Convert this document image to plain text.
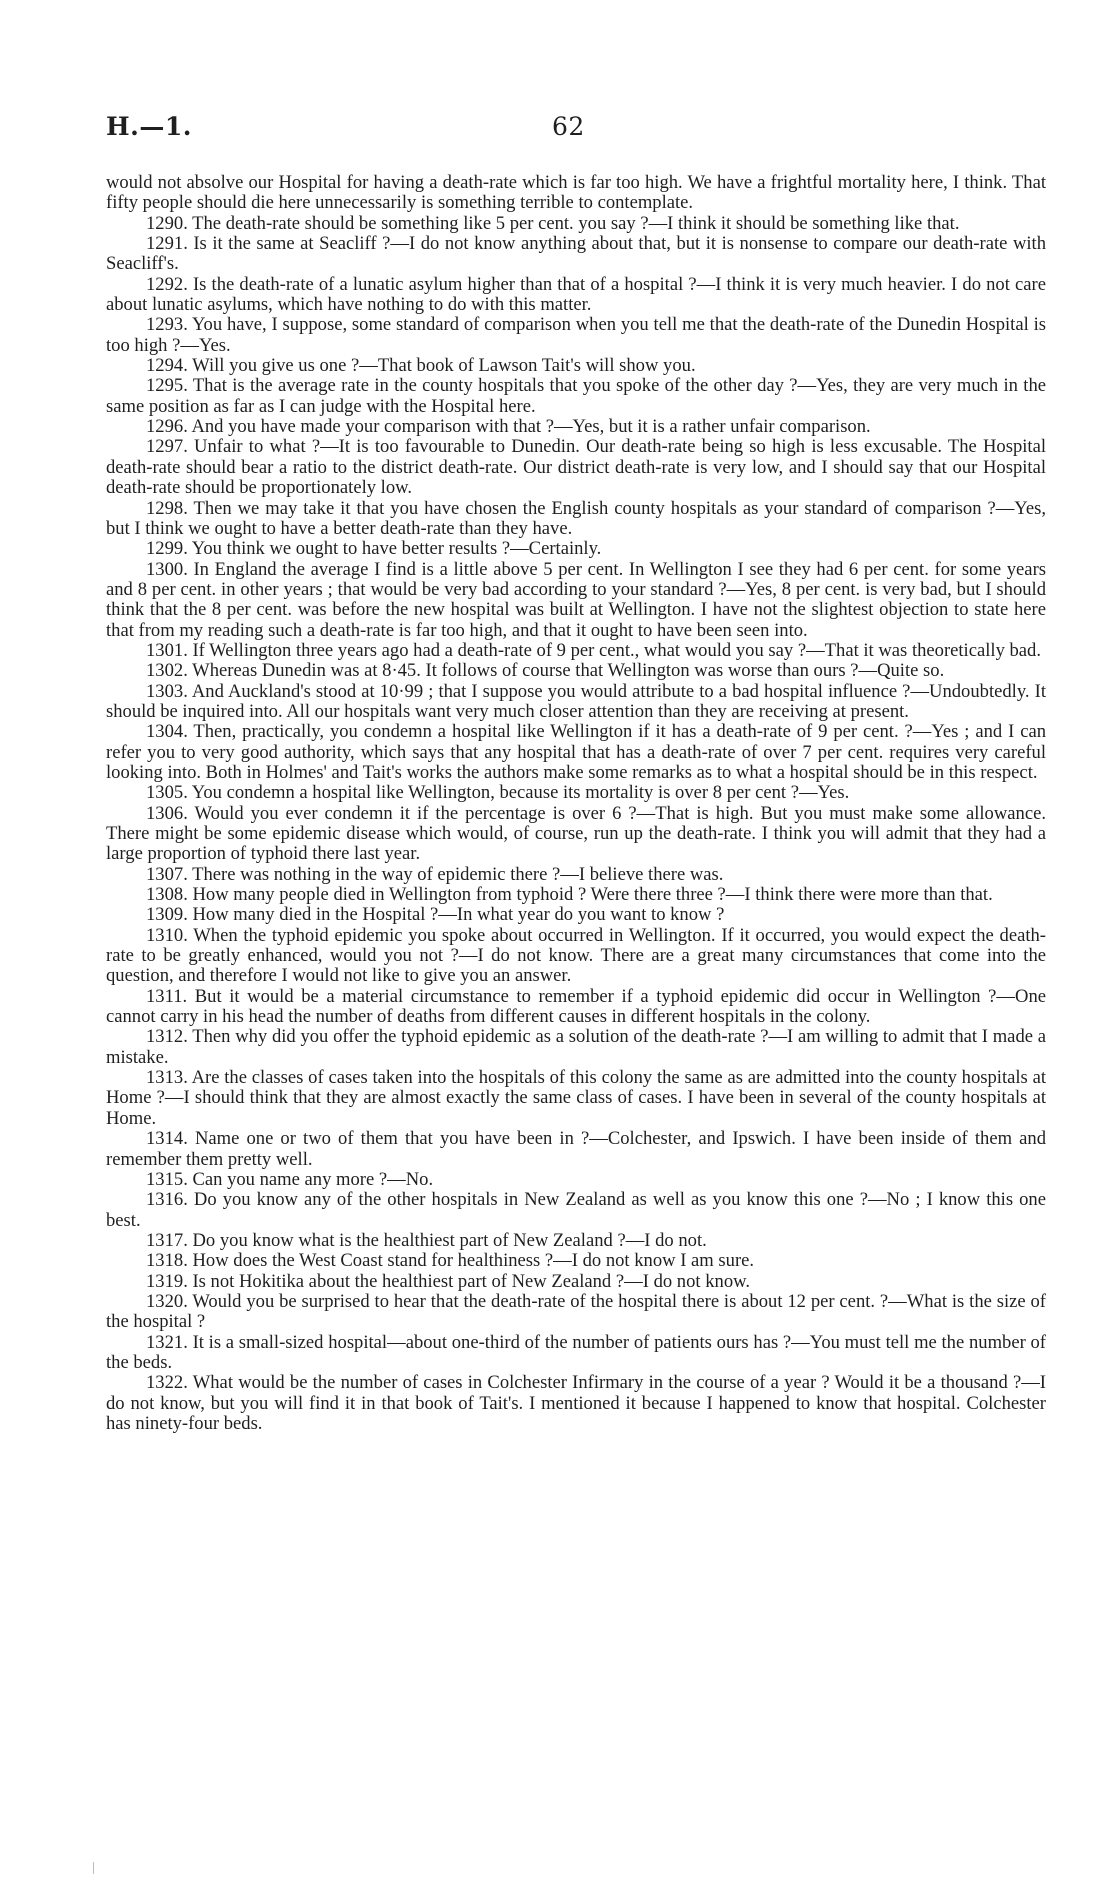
H.—1.	62

would not absolve our Hospital for having a death-rate which is far too high. We have a frightful mortality here, I think. That fifty people should die here unnecessarily is something terrible to contemplate.

1290. The death-rate should be something like 5 per cent. you say ?—I think it should be something like that.

1291. Is it the same at Seacliff ?—I do not know anything about that, but it is nonsense to compare our death-rate with Seacliff's.

1292. Is the death-rate of a lunatic asylum higher than that of a hospital ?—I think it is very much heavier. I do not care about lunatic asylums, which have nothing to do with this matter.

1293. You have, I suppose, some standard of comparison when you tell me that the death-rate of the Dunedin Hospital is too high ?—Yes.

1294. Will you give us one ?—That book of Lawson Tait's will show you.

1295. That is the average rate in the county hospitals that you spoke of the other day ?—Yes, they are very much in the same position as far as I can judge with the Hospital here.

1296. And you have made your comparison with that ?—Yes, but it is a rather unfair comparison.

1297. Unfair to what ?—It is too favourable to Dunedin. Our death-rate being so high is less excusable. The Hospital death-rate should bear a ratio to the district death-rate. Our district death-rate is very low, and I should say that our Hospital death-rate should be proportionately low.

1298. Then we may take it that you have chosen the English county hospitals as your standard of comparison ?—Yes, but I think we ought to have a better death-rate than they have.

1299. You think we ought to have better results ?—Certainly.

1300. In England the average I find is a little above 5 per cent. In Wellington I see they had 6 per cent. for some years and 8 per cent. in other years ; that would be very bad according to your standard ?—Yes, 8 per cent. is very bad, but I should think that the 8 per cent. was before the new hospital was built at Wellington. I have not the slightest objection to state here that from my reading such a death-rate is far too high, and that it ought to have been seen into.

1301. If Wellington three years ago had a death-rate of 9 per cent., what would you say ?—That it was theoretically bad.

1302. Whereas Dunedin was at 8·45. It follows of course that Wellington was worse than ours ?—Quite so.

1303. And Auckland's stood at 10·99 ; that I suppose you would attribute to a bad hospital influence ?—Undoubtedly. It should be inquired into. All our hospitals want very much closer attention than they are receiving at present.

1304. Then, practically, you condemn a hospital like Wellington if it has a death-rate of 9 per cent. ?—Yes ; and I can refer you to very good authority, which says that any hospital that has a death-rate of over 7 per cent. requires very careful looking into. Both in Holmes' and Tait's works the authors make some remarks as to what a hospital should be in this respect.

1305. You condemn a hospital like Wellington, because its mortality is over 8 per cent ?—Yes.

1306. Would you ever condemn it if the percentage is over 6 ?—That is high. But you must make some allowance. There might be some epidemic disease which would, of course, run up the death-rate. I think you will admit that they had a large proportion of typhoid there last year.

1307. There was nothing in the way of epidemic there ?—I believe there was.

1308. How many people died in Wellington from typhoid ? Were there three ?—I think there were more than that.

1309. How many died in the Hospital ?—In what year do you want to know ?

1310. When the typhoid epidemic you spoke about occurred in Wellington. If it occurred, you would expect the death-rate to be greatly enhanced, would you not ?—I do not know. There are a great many circumstances that come into the question, and therefore I would not like to give you an answer.

1311. But it would be a material circumstance to remember if a typhoid epidemic did occur in Wellington ?—One cannot carry in his head the number of deaths from different causes in different hospitals in the colony.

1312. Then why did you offer the typhoid epidemic as a solution of the death-rate ?—I am willing to admit that I made a mistake.

1313. Are the classes of cases taken into the hospitals of this colony the same as are admitted into the county hospitals at Home ?—I should think that they are almost exactly the same class of cases. I have been in several of the county hospitals at Home.

1314. Name one or two of them that you have been in ?—Colchester, and Ipswich. I have been inside of them and remember them pretty well.

1315. Can you name any more ?—No.

1316. Do you know any of the other hospitals in New Zealand as well as you know this one ?—No ; I know this one best.

1317. Do you know what is the healthiest part of New Zealand ?—I do not.

1318. How does the West Coast stand for healthiness ?—I do not know I am sure.

1319. Is not Hokitika about the healthiest part of New Zealand ?—I do not know.

1320. Would you be surprised to hear that the death-rate of the hospital there is about 12 per cent. ?—What is the size of the hospital ?

1321. It is a small-sized hospital—about one-third of the number of patients ours has ?—You must tell me the number of the beds.

1322. What would be the number of cases in Colchester Infirmary in the course of a year ? Would it be a thousand ?—I do not know, but you will find it in that book of Tait's. I mentioned it because I happened to know that hospital. Colchester has ninety-four beds.
